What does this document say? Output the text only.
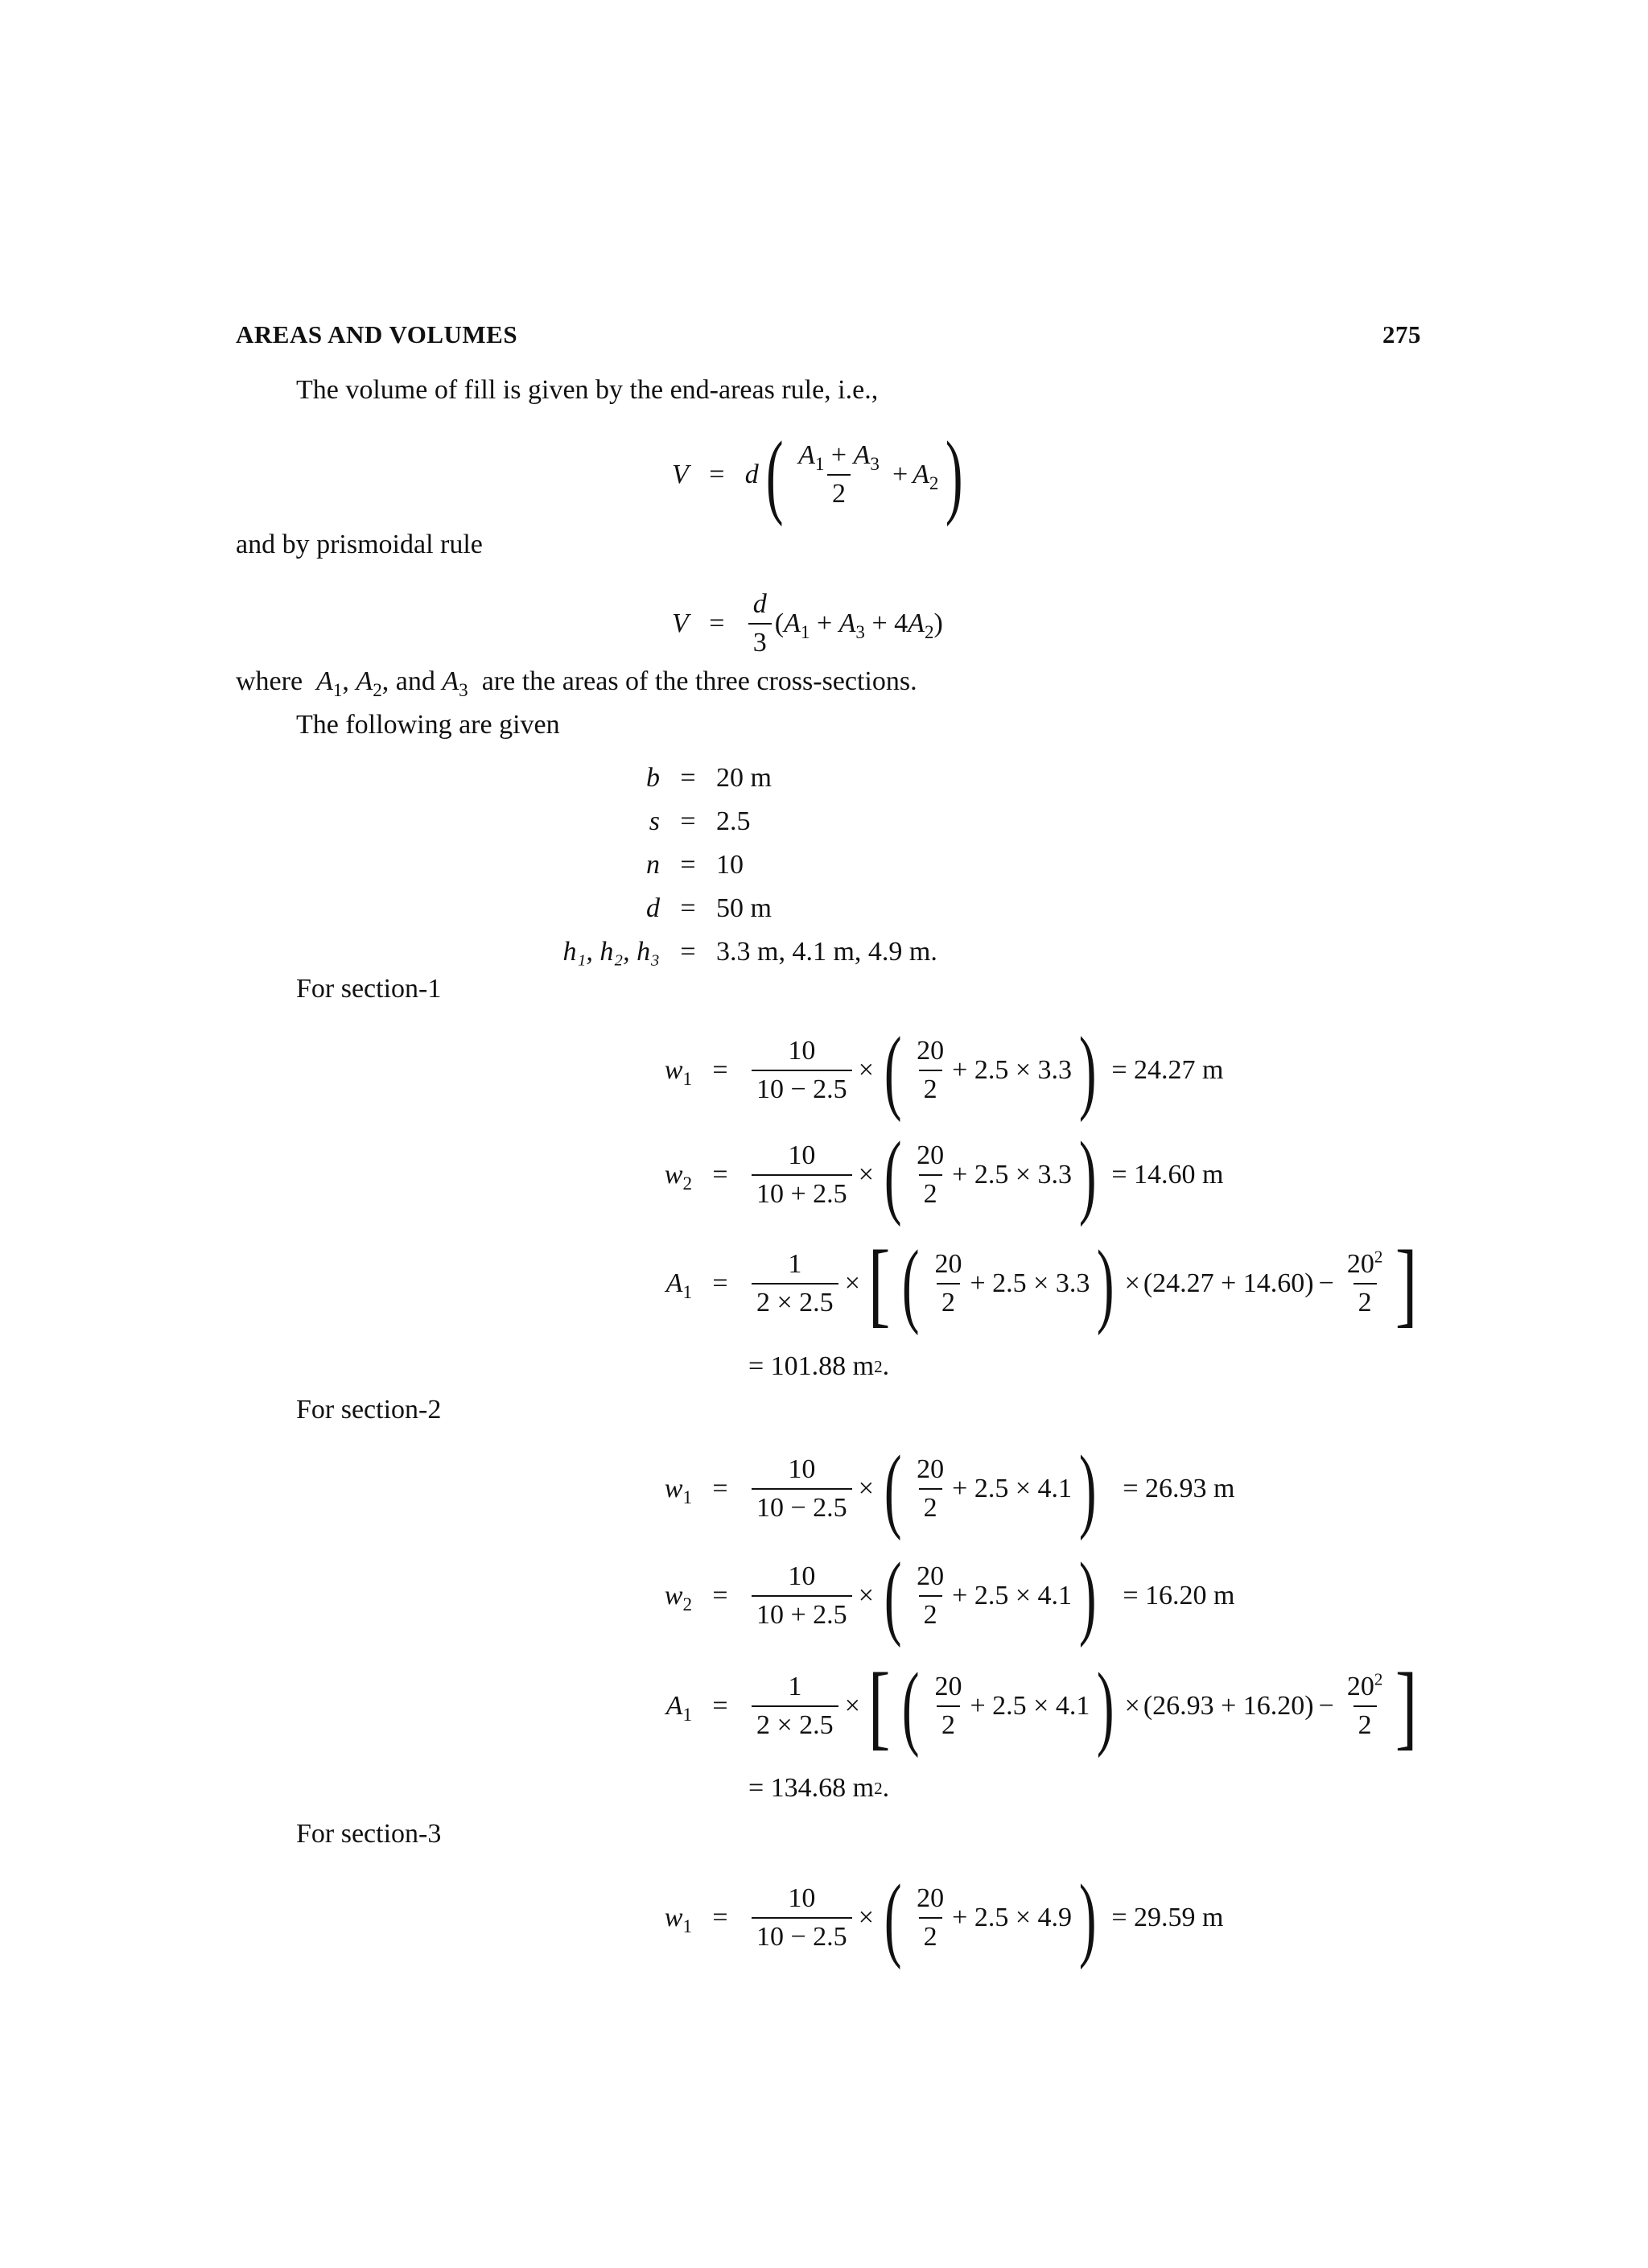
AREAS AND VOLUMES	275
The volume of fill is given by the end-areas rule, i.e.,
V = d ( $\frac{A_1 + A_3}{2} + A_2$ )
and by prismoidal rule
$V = \frac{d}{3} (A_1 + A_3 + 4A_2)$
where $A_1$, $A_2$, and $A_3$ are the areas of the three cross-sections.
The following are given
b = 20 m
s = 2.5
n = 10
d = 50 m
h₁, h₂, h₃ = 3.3 m, 4.1 m, 4.9 m.
For section-1
$w_1 = \frac{10}{10 - 2.5}$ × ( $\frac{20}{2} + 2.5 \times 3.3$ ) = 24.27 m
$w_2 = \frac{10}{10 + 2.5}$ × ( $\frac{20}{2} + 2.5 \times 3.3$ ) = 14.60 m
$A_1 = \frac{1}{2 \times 2.5}$ × [ ( $\frac{20}{2} + 2.5 \times 3.3$ ) × $(24.27 + 14.60) - \frac{20^2}{2}$ ]
= 101.88 m 2 .
For section-2
$w_1 = \frac{10}{10 - 2.5}$ × ( $\frac{20}{2} + 2.5 \times 4.1$ ) = 26.93 m
$w_2 = \frac{10}{10 + 2.5}$ × ( $\frac{20}{2} + 2.5 \times 4.1$ ) = 16.20 m
$A_1 = \frac{1}{2 \times 2.5}$ × [ ( $\frac{20}{2} + 2.5 \times 4.1$ ) × $(26.93 + 16.20) - \frac{20^2}{2}$ ]
= 134.68 m 2 .
For section-3
$w_1 = \frac{10}{10 - 2.5}$ × ( $\frac{20}{2} + 2.5 \times 4.9$ ) = 29.59 m
